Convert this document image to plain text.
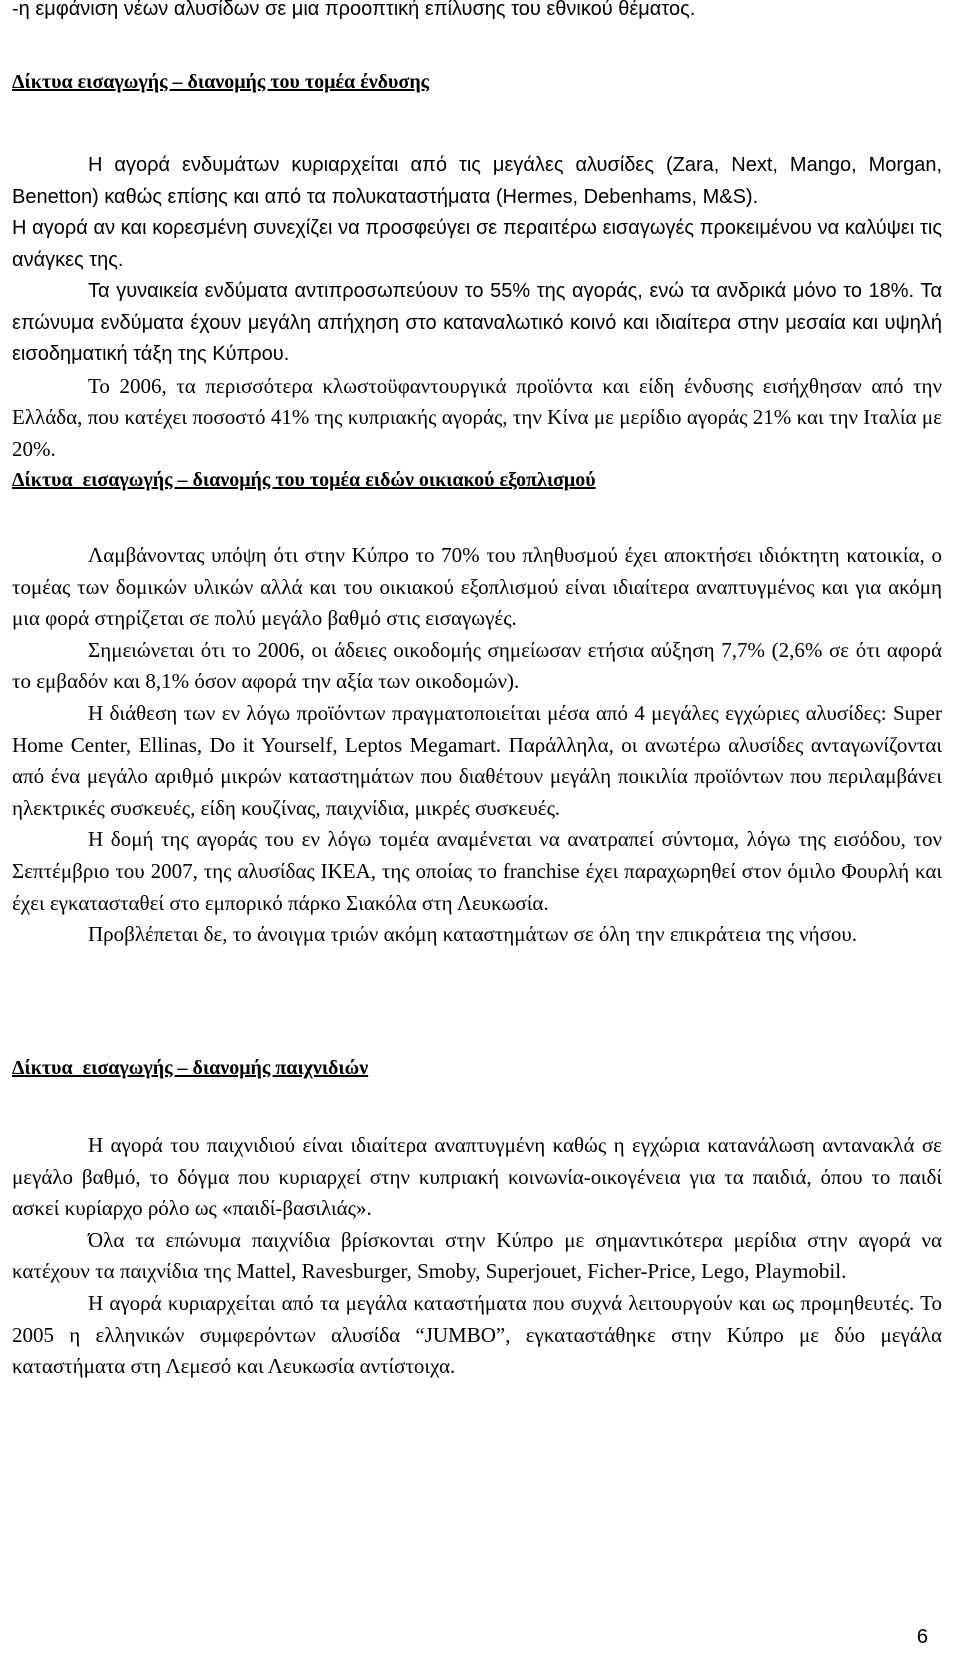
-η εμφάνιση νέων αλυσίδων σε μια προοπτική επίλυσης του εθνικού θέματος.

Δίκτυα εισαγωγής – διανομής του τομέα ένδυσης

Η αγορά ενδυμάτων κυριαρχείται από τις μεγάλες αλυσίδες (Zara, Next, Mango, Morgan, Benetton) καθώς επίσης και από τα πολυκαταστήματα (Hermes, Debenhams, M&S).

Η αγορά αν και κορεσμένη συνεχίζει να προσφεύγει σε περαιτέρω εισαγωγές προκειμένου να καλύψει τις ανάγκες της.

Τα γυναικεία ενδύματα αντιπροσωπεύουν το 55% της αγοράς, ενώ τα ανδρικά μόνο το 18%. Τα επώνυμα ενδύματα έχουν μεγάλη απήχηση στο καταναλωτικό κοινό και ιδιαίτερα στην μεσαία και υψηλή εισοδηματική τάξη της Κύπρου.

Το 2006, τα περισσότερα κλωστοϋφαντουργικά προϊόντα και είδη ένδυσης εισήχθησαν από την Ελλάδα, που κατέχει ποσοστό 41% της κυπριακής αγοράς, την Κίνα με μερίδιο αγοράς 21% και την Ιταλία με 20%.

Δίκτυα  εισαγωγής – διανομής του τομέα ειδών οικιακού εξοπλισμού

Λαμβάνοντας υπόψη ότι στην Κύπρο το 70% του πληθυσμού έχει αποκτήσει ιδιόκτητη κατοικία, ο τομέας των δομικών υλικών αλλά και του οικιακού εξοπλισμού είναι ιδιαίτερα αναπτυγμένος και για ακόμη μια φορά στηρίζεται σε πολύ μεγάλο βαθμό στις εισαγωγές.

Σημειώνεται ότι το 2006, οι άδειες οικοδομής σημείωσαν ετήσια αύξηση 7,7% (2,6% σε ότι αφορά το εμβαδόν και 8,1% όσον αφορά την αξία των οικοδομών).

Η διάθεση των εν λόγω προϊόντων πραγματοποιείται μέσα από 4 μεγάλες εγχώριες αλυσίδες: Super Home Center, Ellinas, Do it Yourself, Leptos Megamart. Παράλληλα, οι ανωτέρω αλυσίδες ανταγωνίζονται από ένα μεγάλο αριθμό μικρών καταστημάτων που διαθέτουν μεγάλη ποικιλία προϊόντων που περιλαμβάνει ηλεκτρικές συσκευές, είδη κουζίνας, παιχνίδια, μικρές συσκευές.

Η δομή της αγοράς του εν λόγω τομέα αναμένεται να ανατραπεί σύντομα, λόγω της εισόδου, τον Σεπτέμβριο του 2007, της αλυσίδας IKEA, της οποίας το franchise έχει παραχωρηθεί στον όμιλο Φουρλή και έχει εγκατασταθεί στο εμπορικό πάρκο Σιακόλα στη Λευκωσία.

Προβλέπεται δε, το άνοιγμα τριών ακόμη καταστημάτων σε όλη την επικράτεια της νήσου.

Δίκτυα  εισαγωγής – διανομής παιχνιδιών

Η αγορά του παιχνιδιού είναι ιδιαίτερα αναπτυγμένη καθώς η εγχώρια κατανάλωση αντανακλά σε μεγάλο βαθμό, το δόγμα που κυριαρχεί στην κυπριακή κοινωνία-οικογένεια για τα παιδιά, όπου το παιδί ασκεί κυρίαρχο ρόλο ως «παιδί-βασιλιάς».

Όλα τα επώνυμα παιχνίδια βρίσκονται στην Κύπρο με σημαντικότερα μερίδια στην αγορά να κατέχουν τα παιχνίδια της Mattel, Ravesburger, Smoby, Superjouet, Ficher-Price, Lego, Playmobil.

Η αγορά κυριαρχείται από τα μεγάλα καταστήματα που συχνά λειτουργούν και ως προμηθευτές. Το 2005 η ελληνικών συμφερόντων αλυσίδα “JUMBO”, εγκαταστάθηκε στην Κύπρο με δύο μεγάλα καταστήματα στη Λεμεσό και Λευκωσία αντίστοιχα.

6
